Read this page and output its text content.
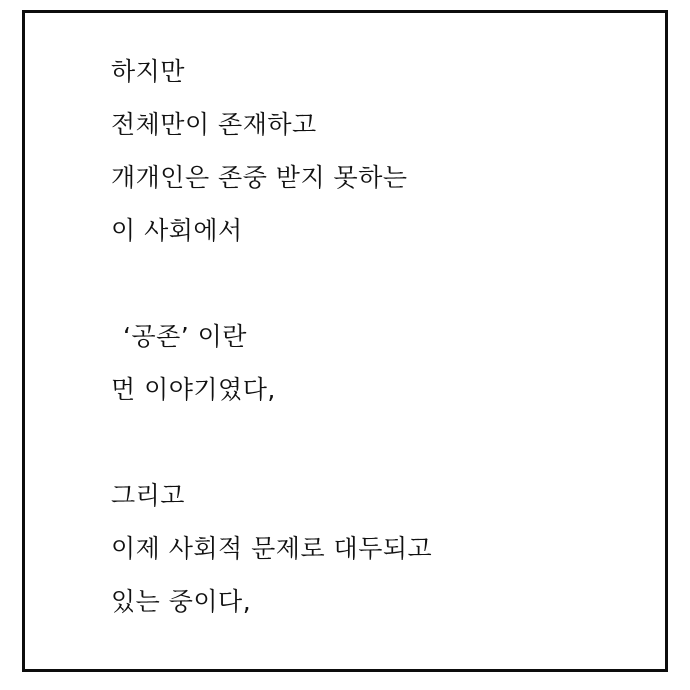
하지만
전체만이 존재하고
개개인은 존중 받지 못하는
이 사회에서
‘공존’ 이란
먼 이야기였다,
그리고
이제 사회적 문제로 대두되고
있는 중이다,
